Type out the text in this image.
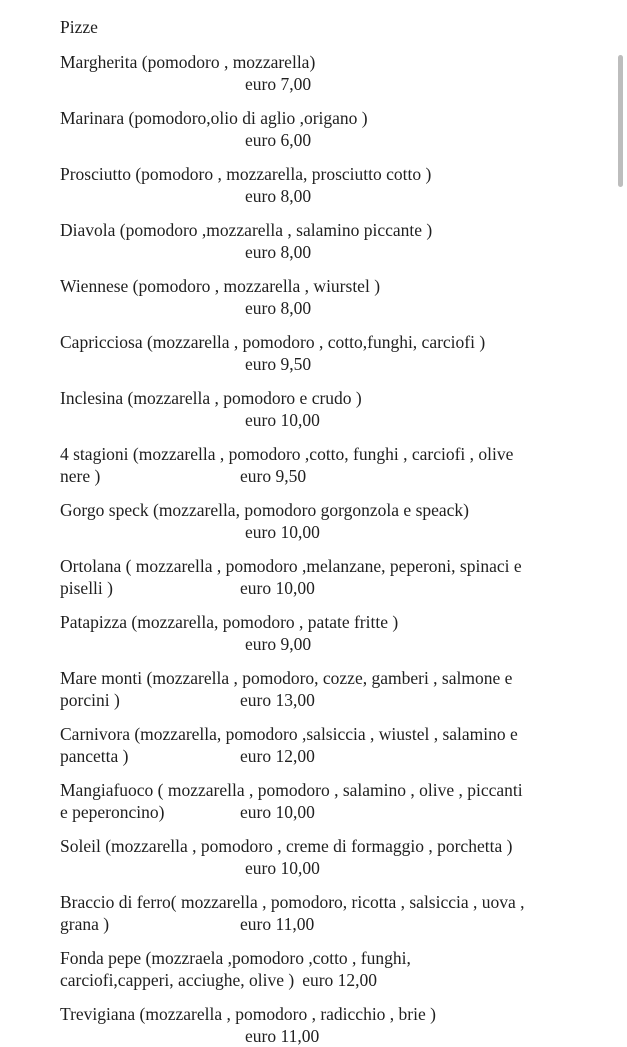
Pizze
Margherita (pomodoro , mozzarella)
euro 7,00
Marinara (pomodoro,olio di aglio ,origano )
euro 6,00
Prosciutto (pomodoro , mozzarella, prosciutto cotto )
euro 8,00
Diavola (pomodoro ,mozzarella , salamino piccante )
euro 8,00
Wiennese (pomodoro , mozzarella , wiurstel )
euro 8,00
Capricciosa (mozzarella , pomodoro , cotto,funghi, carciofi )
euro 9,50
Inclesina (mozzarella , pomodoro e crudo )
euro 10,00
4 stagioni (mozzarella , pomodoro ,cotto, funghi , carciofi , olive
nere )	euro 9,50
Gorgo speck (mozzarella, pomodoro gorgonzola e speack)
euro 10,00
Ortolana ( mozzarella , pomodoro ,melanzane, peperoni, spinaci e
piselli )	euro 10,00
Patapizza (mozzarella, pomodoro , patate fritte )
euro 9,00
Mare monti (mozzarella , pomodoro, cozze, gamberi , salmone e
porcini )	euro 13,00
Carnivora (mozzarella, pomodoro ,salsiccia , wiustel , salamino e
pancetta )	euro 12,00
Mangiafuoco ( mozzarella , pomodoro , salamino , olive , piccanti
e peperoncino)	euro 10,00
Soleil (mozzarella , pomodoro , creme di formaggio , porchetta )
euro 10,00
Braccio di ferro( mozzarella , pomodoro, ricotta , salsiccia , uova ,
grana )	euro 11,00
Fonda pepe (mozzraela ,pomodoro ,cotto , funghi,
carciofi,capperi, acciughe, olive ) euro 12,00
Trevigiana (mozzarella , pomodoro , radicchio , brie )
euro 11,00
